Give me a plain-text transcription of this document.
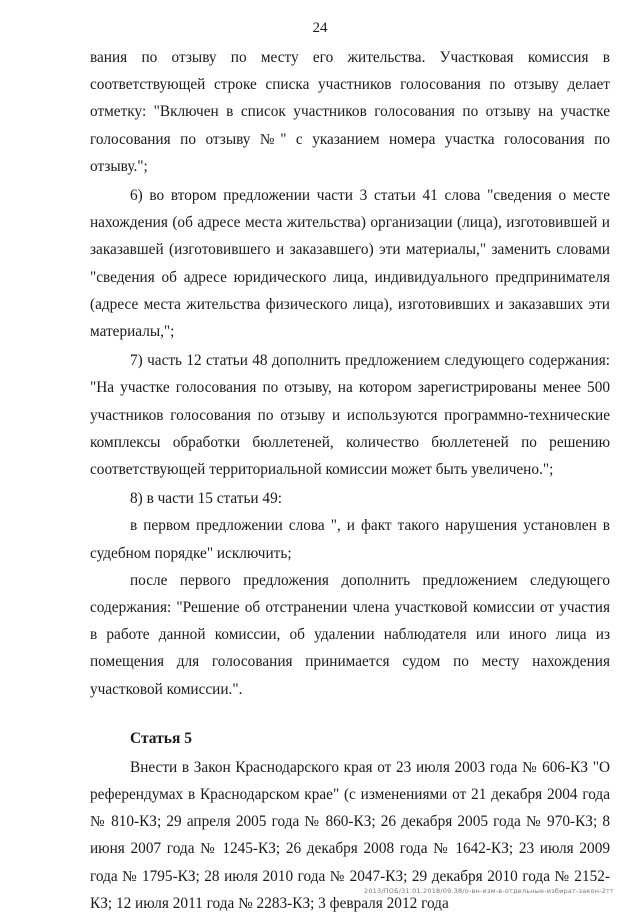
24

вания по отзыву по месту его жительства. Участковая комиссия в соответствующей строке списка участников голосования по отзыву делает отметку: "Включен в список участников голосования по отзыву на участке голосования по отзыву №" с указанием номера участка голосования по отзыву.";

6) во втором предложении части 3 статьи 41 слова "сведения о месте нахождения (об адресе места жительства) организации (лица), изготовившей и заказавшей (изготовившего и заказавшего) эти материалы," заменить словами "сведения об адресе юридического лица, индивидуального предпринимателя (адресе места жительства физического лица), изготовивших и заказавших эти материалы,";

7) часть 12 статьи 48 дополнить предложением следующего содержания: "На участке голосования по отзыву, на котором зарегистрированы менее 500 участников голосования по отзыву и используются программно-технические комплексы обработки бюллетеней, количество бюллетеней по решению соответствующей территориальной комиссии может быть увеличено.";

8) в части 15 статьи 49:

в первом предложении слова ", и факт такого нарушения установлен в судебном порядке" исключить;

после первого предложения дополнить предложением следующего содержания: "Решение об отстранении члена участковой комиссии от участия в работе данной комиссии, об удалении наблюдателя или иного лица из помещения для голосования принимается судом по месту нахождения участковой комиссии.".

Статья 5

Внести в Закон Краснодарского края от 23 июля 2003 года № 606-КЗ "О референдумах в Краснодарском крае" (с изменениями от 21 декабря 2004 года № 810-КЗ; 29 апреля 2005 года № 860-КЗ; 26 декабря 2005 года № 970-КЗ; 8 июня 2007 года № 1245-КЗ; 26 декабря 2008 года № 1642-КЗ; 23 июля 2009 года № 1795-КЗ; 28 июля 2010 года № 2047-КЗ; 29 декабря 2010 года № 2152-КЗ; 12 июля 2011 года № 2283-КЗ; 3 февраля 2012 года

2013/ПОБ/31.01.2018/09.38/о-вн-изм-в-отдельные-избират-закон-2тт
